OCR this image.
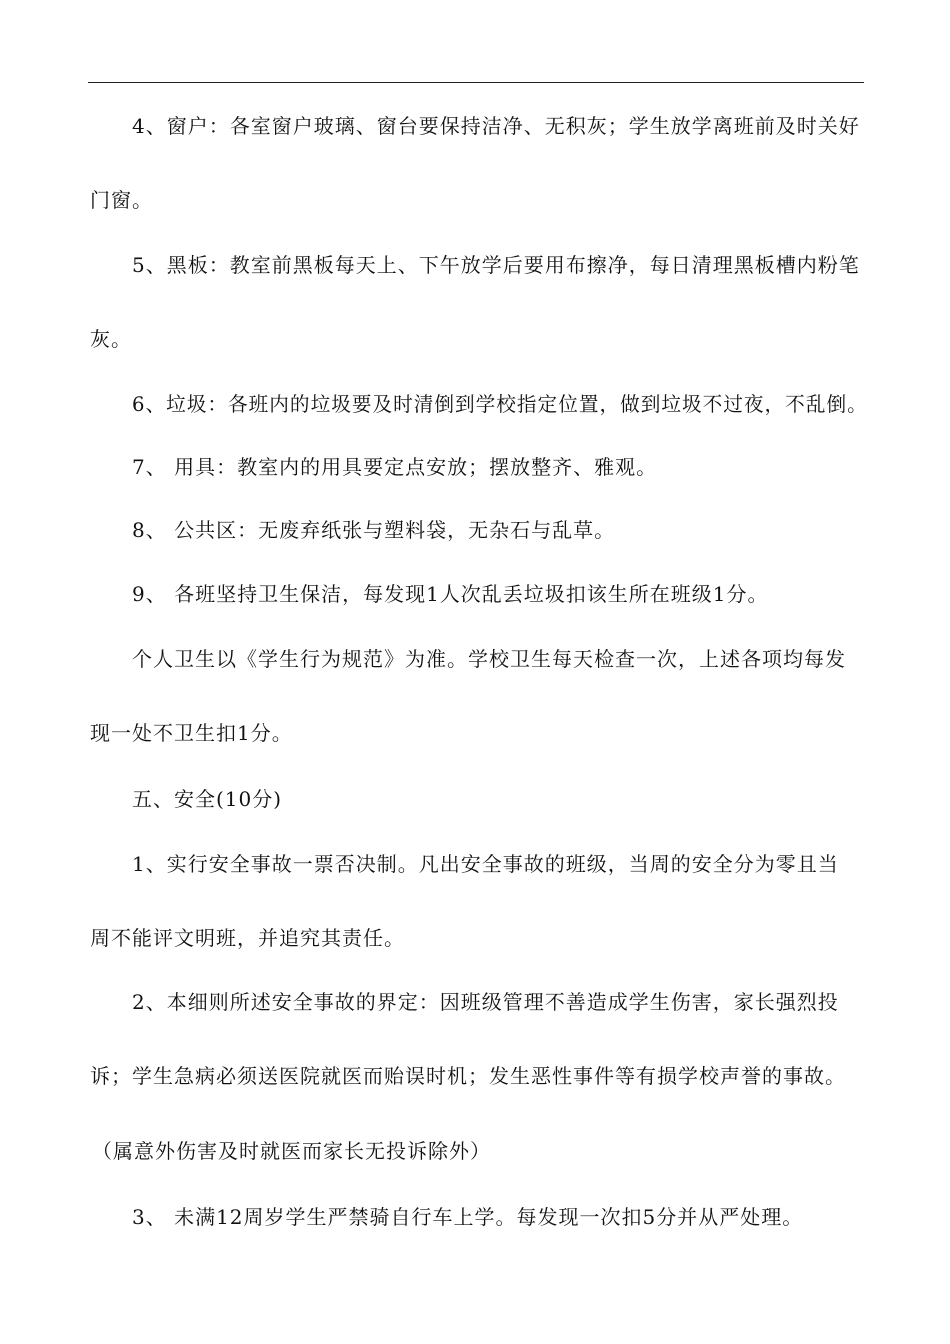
4、窗户：各室窗户玻璃、窗台要保持洁净、无积灰；学生放学离班前及时关好
门窗。
5、黑板：教室前黑板每天上、下午放学后要用布擦净，每日清理黑板槽内粉笔
灰。
6、垃圾：各班内的垃圾要及时清倒到学校指定位置，做到垃圾不过夜，不乱倒。
7、 用具：教室内的用具要定点安放；摆放整齐、雅观。
8、 公共区：无废弃纸张与塑料袋，无杂石与乱草。
9、 各班坚持卫生保洁，每发现1人次乱丢垃圾扣该生所在班级1分。
个人卫生以《学生行为规范》为准。学校卫生每天检查一次，上述各项均每发
现一处不卫生扣1分。
五、安全(10分)
1、实行安全事故一票否决制。凡出安全事故的班级，当周的安全分为零且当
周不能评文明班，并追究其责任。
2、本细则所述安全事故的界定：因班级管理不善造成学生伤害，家长强烈投
诉；学生急病必须送医院就医而贻误时机；发生恶性事件等有损学校声誉的事故。
（属意外伤害及时就医而家长无投诉除外）
3、 未满12周岁学生严禁骑自行车上学。每发现一次扣5分并从严处理。
